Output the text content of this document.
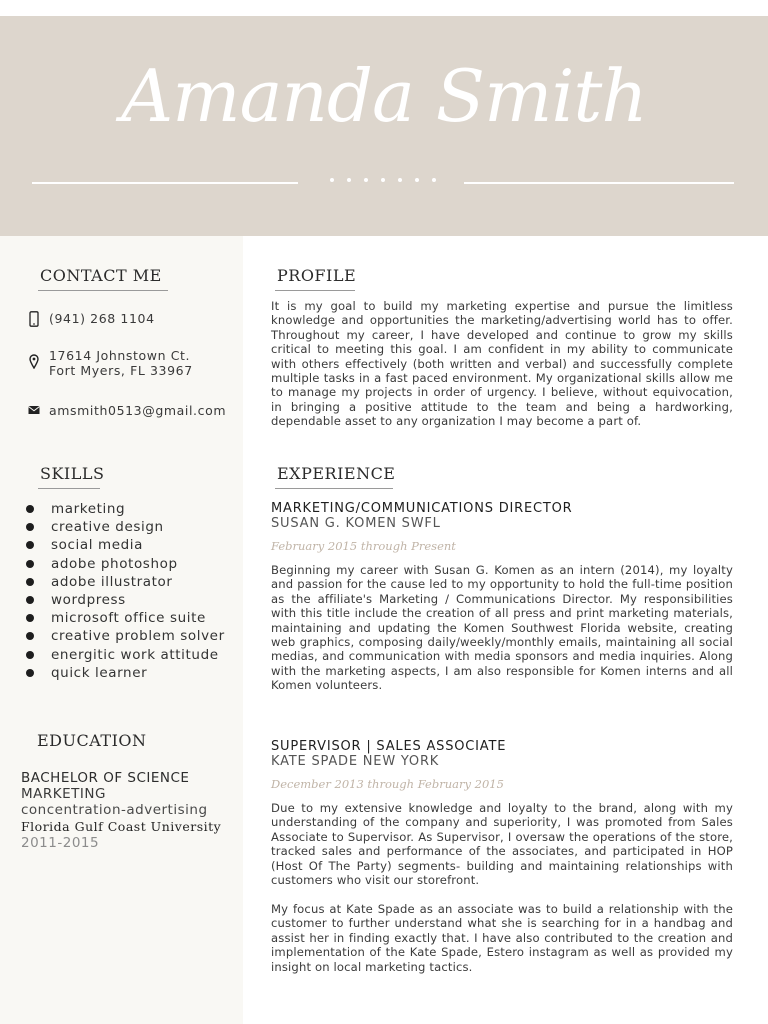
Amanda Smith
CONTACT ME
(941) 268 1104
17614 Johnstown Ct.
Fort Myers, FL 33967
amsmith0513@gmail.com
SKILLS
marketing
creative design
social media
adobe photoshop
adobe illustrator
wordpress
microsoft office suite
creative problem solver
energitic work attitude
quick learner
EDUCATION
BACHELOR OF SCIENCE
MARKETING
concentration-advertising
Florida Gulf Coast University
2011-2015
PROFILE
It is my goal to build my marketing expertise and pursue the limitless knowledge and opportunities the marketing/advertising world has to offer. Throughout my career, I have developed and continue to grow my skills critical to meeting this goal. I am confident in my ability to communicate with others effectively (both written and verbal) and successfully complete multiple tasks in a fast paced environment. My organizational skills allow me to manage my projects in order of urgency. I believe, without equivocation, in bringing a positive attitude to the team and being a hardworking, dependable asset to any organization I may become a part of.
EXPERIENCE
MARKETING/COMMUNICATIONS DIRECTOR
SUSAN G. KOMEN SWFL
February 2015 through Present
Beginning my career with Susan G. Komen as an intern (2014), my loyalty and passion for the cause led to my opportunity to hold the full-time position as the affiliate's Marketing / Communications Director. My responsibilities with this title include the creation of all press and print marketing materials, maintaining and updating the Komen Southwest Florida website, creating web graphics, composing daily/weekly/monthly emails, maintaining all social medias, and communication with media sponsors and media inquiries. Along with the marketing aspects, I am also responsible for Komen interns and all Komen volunteers.
SUPERVISOR | SALES ASSOCIATE
KATE SPADE NEW YORK
December 2013 through February 2015
Due to my extensive knowledge and loyalty to the brand, along with my understanding of the company and superiority, I was promoted from Sales Associate to Supervisor. As Supervisor, I oversaw the operations of the store, tracked sales and performance of the associates, and participated in HOP (Host Of The Party) segments- building and maintaining relationships with customers who visit our storefront.
My focus at Kate Spade as an associate was to build a relationship with the customer to further understand what she is searching for in a handbag and assist her in finding exactly that. I have also contributed to the creation and implementation of the Kate Spade, Estero instagram as well as provided my insight on local marketing tactics.
